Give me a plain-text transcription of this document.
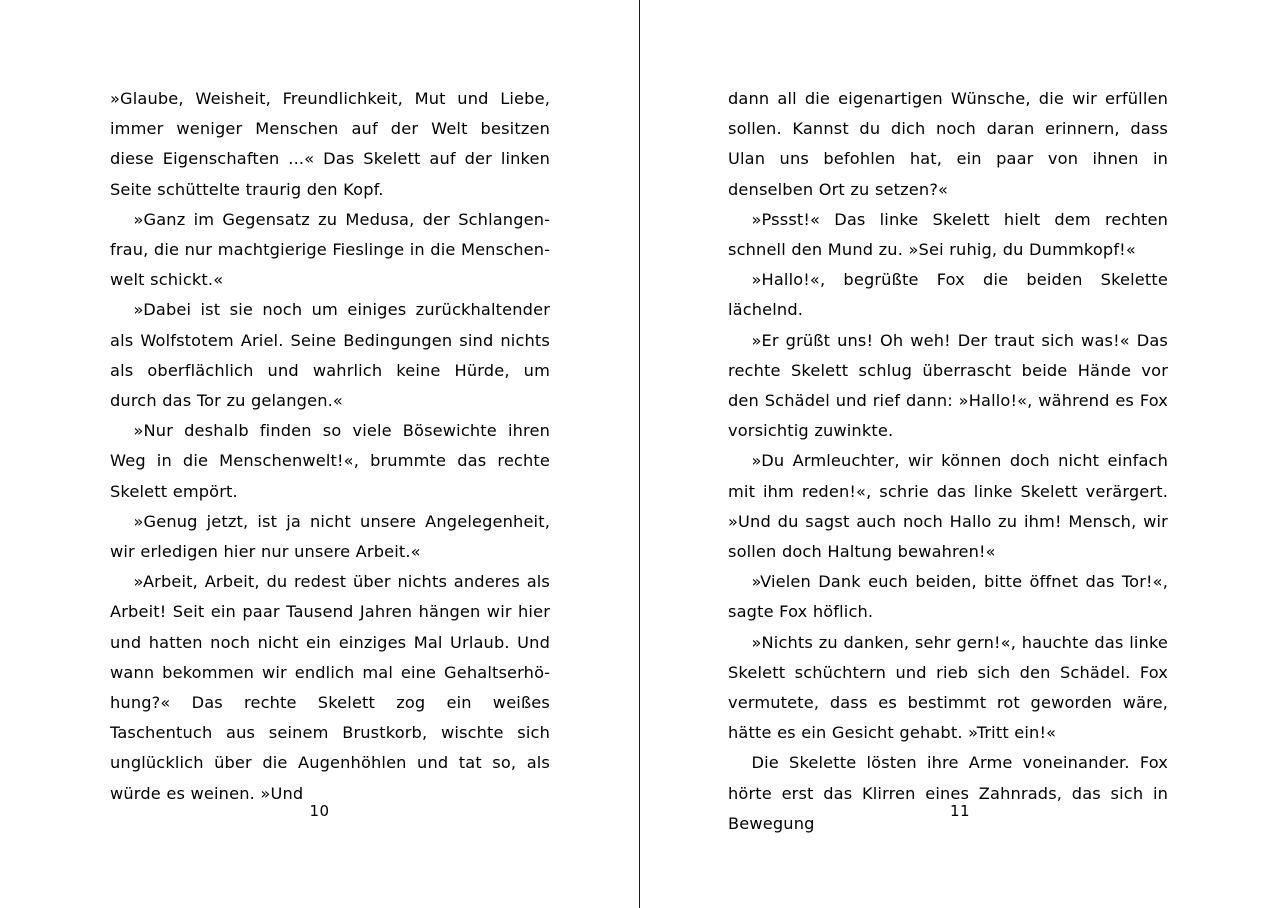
»Glaube, Weisheit, Freundlichkeit, Mut und Liebe, immer weniger Menschen auf der Welt besitzen diese Eigenschaften ...« Das Skelett auf der linken Seite schüttelte traurig den Kopf.

»Ganz im Gegensatz zu Medusa, der Schlangenfrau, die nur machtgierige Fieslinge in die Menschenwelt schickt.«

»Dabei ist sie noch um einiges zurückhaltender als Wolfstotem Ariel. Seine Bedingungen sind nichts als oberflächlich und wahrlich keine Hürde, um durch das Tor zu gelangen.«

»Nur deshalb finden so viele Bösewichte ihren Weg in die Menschenwelt!«, brummte das rechte Skelett empört.

»Genug jetzt, ist ja nicht unsere Angelegenheit, wir erledigen hier nur unsere Arbeit.«

»Arbeit, Arbeit, du redest über nichts anderes als Arbeit! Seit ein paar Tausend Jahren hängen wir hier und hatten noch nicht ein einziges Mal Urlaub. Und wann bekommen wir endlich mal eine Gehaltserhöhung?« Das rechte Skelett zog ein weißes Taschentuch aus seinem Brustkorb, wischte sich unglücklich über die Augenhöhlen und tat so, als würde es weinen. »Und

10

dann all die eigenartigen Wünsche, die wir erfüllen sollen. Kannst du dich noch daran erinnern, dass Ulan uns befohlen hat, ein paar von ihnen in denselben Ort zu setzen?«

»Pssst!« Das linke Skelett hielt dem rechten schnell den Mund zu. »Sei ruhig, du Dummkopf!«

»Hallo!«, begrüßte Fox die beiden Skelette lächelnd.

»Er grüßt uns! Oh weh! Der traut sich was!« Das rechte Skelett schlug überrascht beide Hände vor den Schädel und rief dann: »Hallo!«, während es Fox vorsichtig zuwinkte.

»Du Armleuchter, wir können doch nicht einfach mit ihm reden!«, schrie das linke Skelett verärgert. »Und du sagst auch noch Hallo zu ihm! Mensch, wir sollen doch Haltung bewahren!«

»Vielen Dank euch beiden, bitte öffnet das Tor!«, sagte Fox höflich.

»Nichts zu danken, sehr gern!«, hauchte das linke Skelett schüchtern und rieb sich den Schädel. Fox vermutete, dass es bestimmt rot geworden wäre, hätte es ein Gesicht gehabt. »Tritt ein!«

Die Skelette lösten ihre Arme voneinander. Fox hörte erst das Klirren eines Zahnrads, das sich in Bewegung

11
